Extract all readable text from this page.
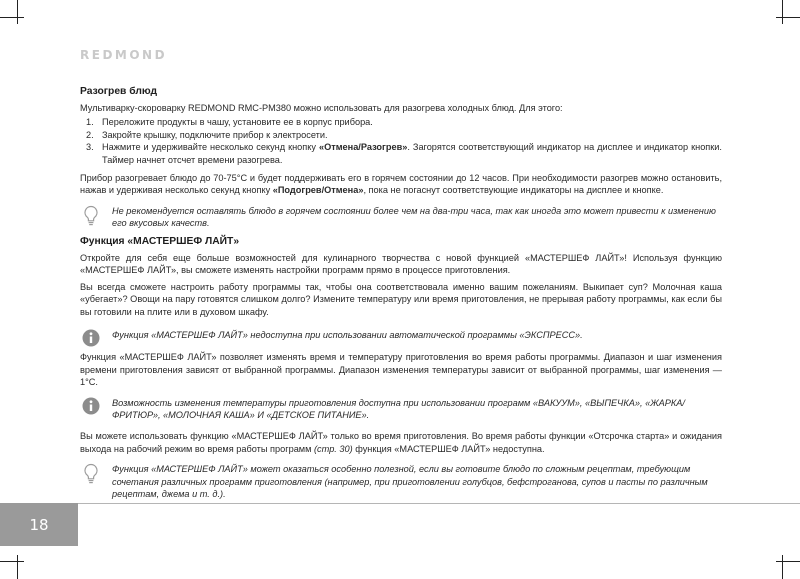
REDMOND
Разогрев блюд

Мультиварку-скороварку REDMOND RMC-PM380 можно использовать для разогрева холодных блюд. Для этого:

1. Переложите продукты в чашу, установите ее в корпус прибора.
2. Закройте крышку, подключите прибор к электросети.
3. Нажмите и удерживайте несколько секунд кнопку «Отмена/Разогрев». Загорятся соответствующий индикатор на дисплее и индикатор кнопки. Таймер начнет отсчет времени разогрева.

Прибор разогревает блюдо до 70-75°С и будет поддерживать его в горячем состоянии до 12 часов. При необходимости разогрев можно остановить, нажав и удерживая несколько секунд кнопку «Подогрев/Отмена», пока не погаснут соответствующие индикаторы на дисплее и кнопке.

Не рекомендуется оставлять блюдо в горячем состоянии более чем на два-три часа, так как иногда это может привести к изменению его вкусовых качеств.
Функция «МАСТЕРШЕФ ЛАЙТ»

Откройте для себя еще больше возможностей для кулинарного творчества с новой функцией «МАСТЕРШЕФ ЛАЙТ»! Используя функцию «МАСТЕРШЕФ ЛАЙТ», вы сможете изменять настройки программ прямо в процессе приготовления.

Вы всегда сможете настроить работу программы так, чтобы она соответствовала именно вашим пожеланиям. Выкипает суп? Молочная каша «убегает»? Овощи на пару готовятся слишком долго? Измените температуру или время приготовления, не прерывая работу программы, как если бы вы готовили на плите или в духовом шкафу.

Функция «МАСТЕРШЕФ ЛАЙТ» недоступна при использовании автоматической программы «ЭКСПРЕСС».

Функция «МАСТЕРШЕФ ЛАЙТ» позволяет изменять время и температуру приготовления во время работы программы. Диапазон и шаг изменения времени приготовления зависят от выбранной программы. Диапазон изменения температуры зависит от выбранной программы, шаг изменения — 1°С.

Возможность изменения температуры приготовления доступна при использовании программ «ВАКУУМ», «ВЫПЕЧКА», «ЖАРКА/ФРИТЮР», «МОЛОЧНАЯ КАША» И «ДЕТСКОЕ ПИТАНИЕ».

Вы можете использовать функцию «МАСТЕРШЕФ ЛАЙТ» только во время приготовления. Во время работы функции «Отсрочка старта» и ожидания выхода на рабочий режим во время работы программ (стр. 30) функция «МАСТЕРШЕФ ЛАЙТ» недоступна.

Функция «МАСТЕРШЕФ ЛАЙТ» может оказаться особенно полезной, если вы готовите блюдо по сложным рецептам, требующим сочетания различных программ приготовления (например, при приготовлении голубцов, бефстроганова, супов и пасты по различным рецептам, джема и т. д.).
18
